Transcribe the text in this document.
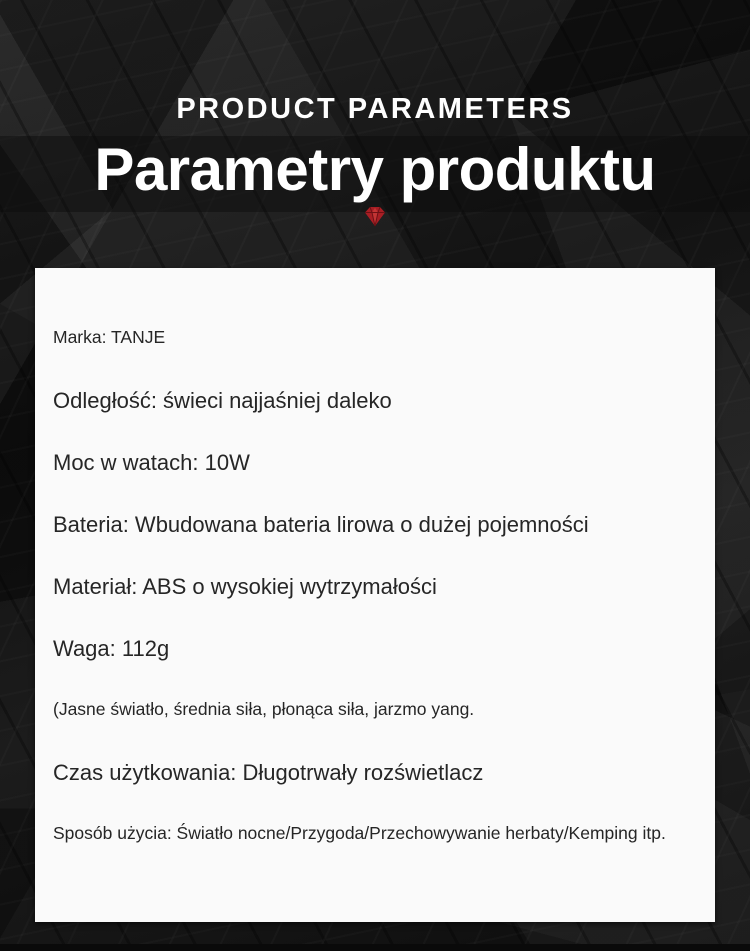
PRODUCT PARAMETERS
Parametry produktu
Marka: TANJE
Odległość: świeci najjaśniej daleko
Moc w watach: 10W
Bateria: Wbudowana bateria lirowa o dużej pojemności
Materiał: ABS o wysokiej wytrzymałości
Waga: 112g
(Jasne światło, średnia siła, płonąca siła, jarzmo yang.
Czas użytkowania: Długotrwały rozświetlacz
Sposób użycia: Światło nocne/Przygoda/Przechowywanie herbaty/Kemping itp.
